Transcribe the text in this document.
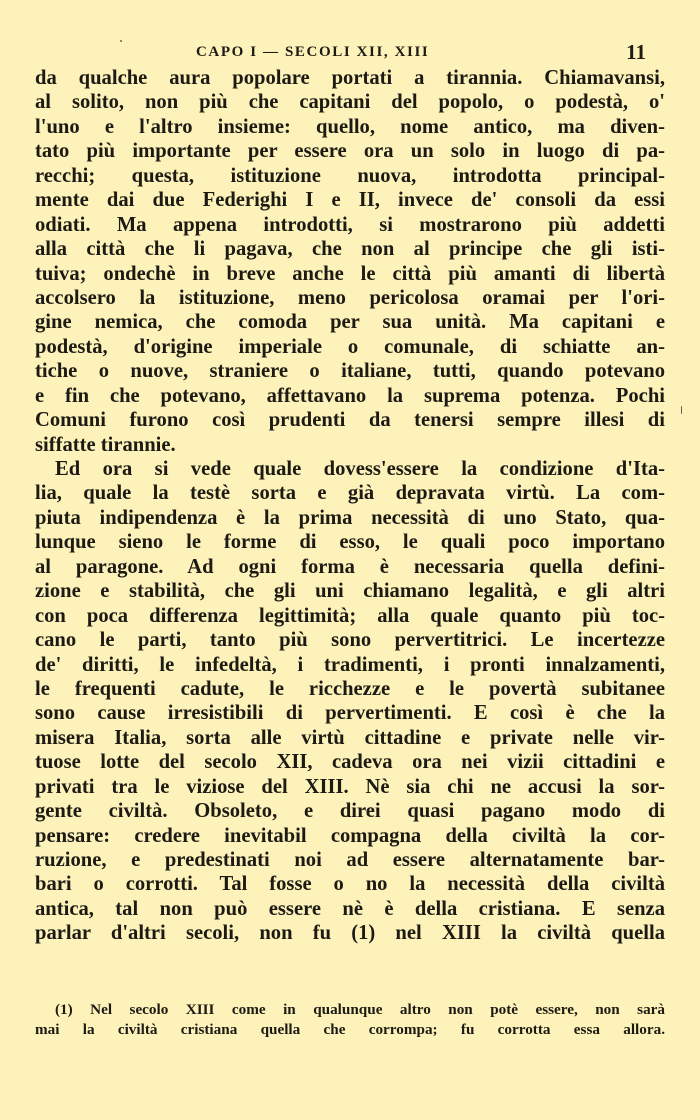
CAPO I — SECOLI XII, XIII	11
da qualche aura popolare portati a tirannia. Chiamavansi,
al solito, non più che capitani del popolo, o podestà, o'
l'uno e l'altro insieme: quello, nome antico, ma diven-
tato più importante per essere ora un solo in luogo di pa-
recchi; questa, istituzione nuova, introdotta principal-
mente dai due Federighi I e II, invece de' consoli da essi
odiati. Ma appena introdotti, si mostrarono più addetti
alla città che li pagava, che non al principe che gli isti-
tuiva; ondechè in breve anche le città più amanti di libertà
accolsero la istituzione, meno pericolosa oramai per l'ori-
gine nemica, che comoda per sua unità. Ma capitani e
podestà, d'origine imperiale o comunale, di schiatte an-
tiche o nuove, straniere o italiane, tutti, quando potevano
e fin che potevano, affettavano la suprema potenza. Pochi
Comuni furono così prudenti da tenersi sempre illesi di
siffatte tirannie.
Ed ora si vede quale dovess'essere la condizione d'Ita-
lia, quale la testè sorta e già depravata virtù. La com-
piuta indipendenza è la prima necessità di uno Stato, qua-
lunque sieno le forme di esso, le quali poco importano
al paragone. Ad ogni forma è necessaria quella defini-
zione e stabilità, che gli uni chiamano legalità, e gli altri
con poca differenza legittimità; alla quale quanto più toc-
cano le parti, tanto più sono pervertitrici. Le incertezze
de' diritti, le infedeltà, i tradimenti, i pronti innalzamenti,
le frequenti cadute, le ricchezze e le povertà subitanee
sono cause irresistibili di pervertimenti. E così è che la
misera Italia, sorta alle virtù cittadine e private nelle vir-
tuose lotte del secolo XII, cadeva ora nei vizii cittadini e
privati tra le viziose del XIII. Nè sia chi ne accusi la sor-
gente civiltà. Obsoleto, e direi quasi pagano modo di
pensare: credere inevitabil compagna della civiltà la cor-
ruzione, e predestinati noi ad essere alternatamente bar-
bari o corrotti. Tal fosse o no la necessità della civiltà
antica, tal non può essere nè è della cristiana. E senza
parlar d'altri secoli, non fu (1) nel XIII la civiltà quella
(1) Nel secolo XIII come in qualunque altro non potè essere, non sarà
mai la civiltà cristiana quella che corrompa; fu corrotta essa allora.
